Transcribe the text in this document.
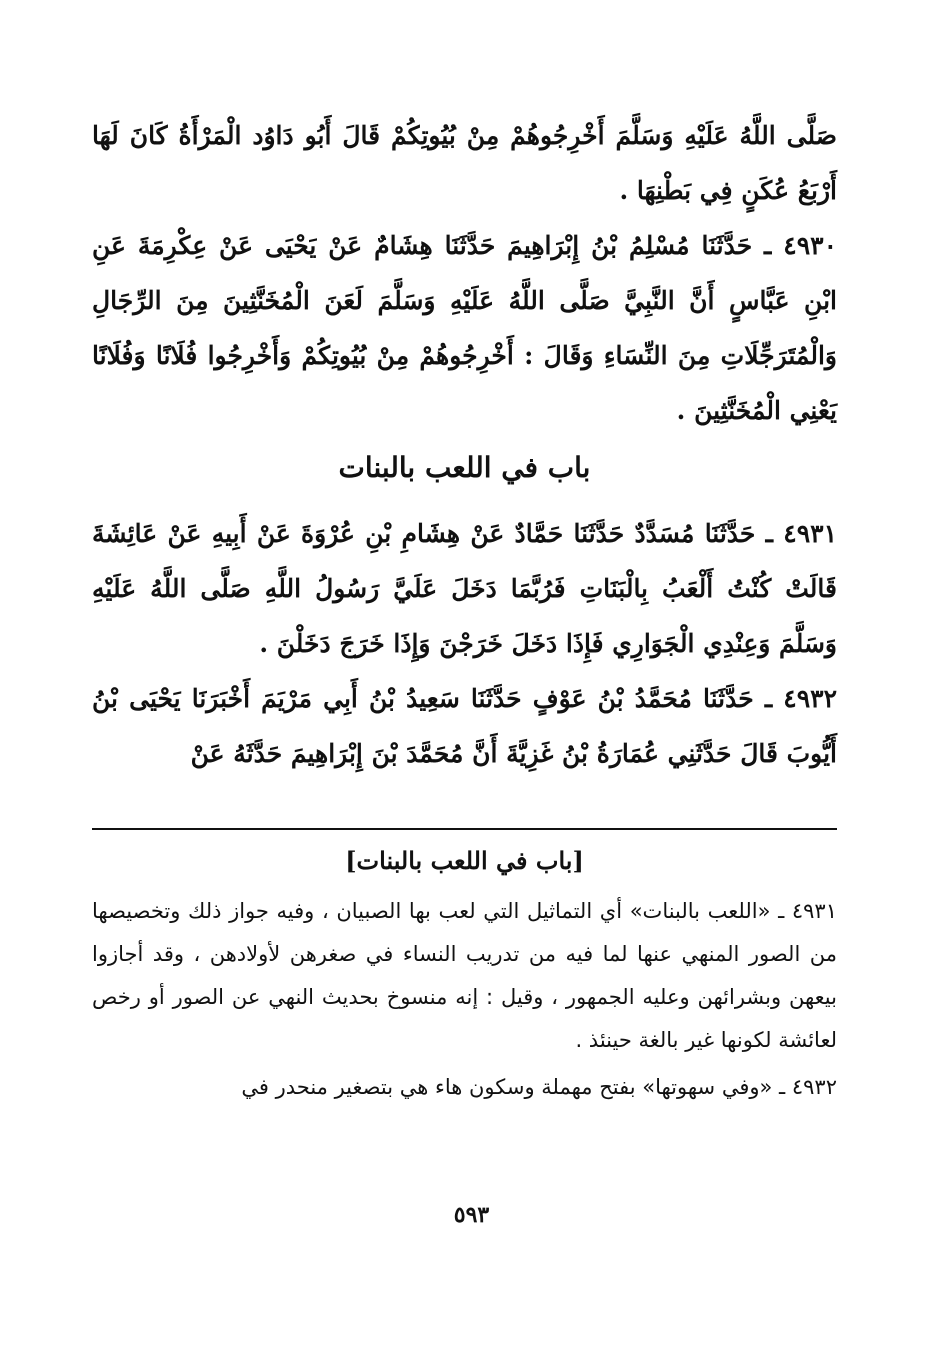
صَلَّى اللَّهُ عَلَيْهِ وَسَلَّمَ أَخْرِجُوهُمْ مِنْ بُيُوتِكُمْ قَالَ أَبُو دَاوُد الْمَرْأَةُ كَانَ لَهَا أَرْبَعُ عُكَنٍ فِي بَطْنِهَا .

٤٩٣٠ ـ حَدَّثَنَا مُسْلِمُ بْنُ إِبْرَاهِيمَ حَدَّثَنَا هِشَامٌ عَنْ يَحْيَى عَنْ عِكْرِمَةَ عَنِ ابْنِ عَبَّاسٍ أَنَّ النَّبِيَّ صَلَّى اللَّهُ عَلَيْهِ وَسَلَّمَ لَعَنَ الْمُخَنَّثِينَ مِنَ الرِّجَالِ وَالْمُتَرَجِّلَاتِ مِنَ النِّسَاءِ وَقَالَ : أَخْرِجُوهُمْ مِنْ بُيُوتِكُمْ وَأَخْرِجُوا فُلَانًا وَفُلَانًا يَعْنِي الْمُخَنَّثِينَ .

باب في اللعب بالبنات

٤٩٣١ ـ حَدَّثَنَا مُسَدَّدٌ حَدَّثَنَا حَمَّادٌ عَنْ هِشَامِ بْنِ عُرْوَةَ عَنْ أَبِيهِ عَنْ عَائِشَةَ قَالَتْ كُنْتُ أَلْعَبُ بِالْبَنَاتِ فَرُبَّمَا دَخَلَ عَلَيَّ رَسُولُ اللَّهِ صَلَّى اللَّهُ عَلَيْهِ وَسَلَّمَ وَعِنْدِي الْجَوَارِي فَإِذَا دَخَلَ خَرَجْنَ وَإِذَا خَرَجَ دَخَلْنَ .

٤٩٣٢ ـ حَدَّثَنَا مُحَمَّدُ بْنُ عَوْفٍ حَدَّثَنَا سَعِيدُ بْنُ أَبِي مَرْيَمَ أَخْبَرَنَا يَحْيَى بْنُ أَيُّوبَ قَالَ حَدَّثَنِي عُمَارَةُ بْنُ غَزِيَّةَ أَنَّ مُحَمَّدَ بْنَ إِبْرَاهِيمَ حَدَّثَهُ عَنْ

[باب في اللعب بالبنات]

٤٩٣١ ـ «اللعب بالبنات» أي التماثيل التي لعب بها الصبيان ، وفيه جواز ذلك وتخصيصها من الصور المنهي عنها لما فيه من تدريب النساء في صغرهن لأولادهن ، وقد أجازوا بيعهن وبشرائهن وعليه الجمهور ، وقيل : إنه منسوخ بحديث النهي عن الصور أو رخص لعائشة لكونها غير بالغة حينئذ .

٤٩٣٢ ـ «وفي سهوتها» بفتح مهملة وسكون هاء هي بتصغير منحدر في

٥٩٣
